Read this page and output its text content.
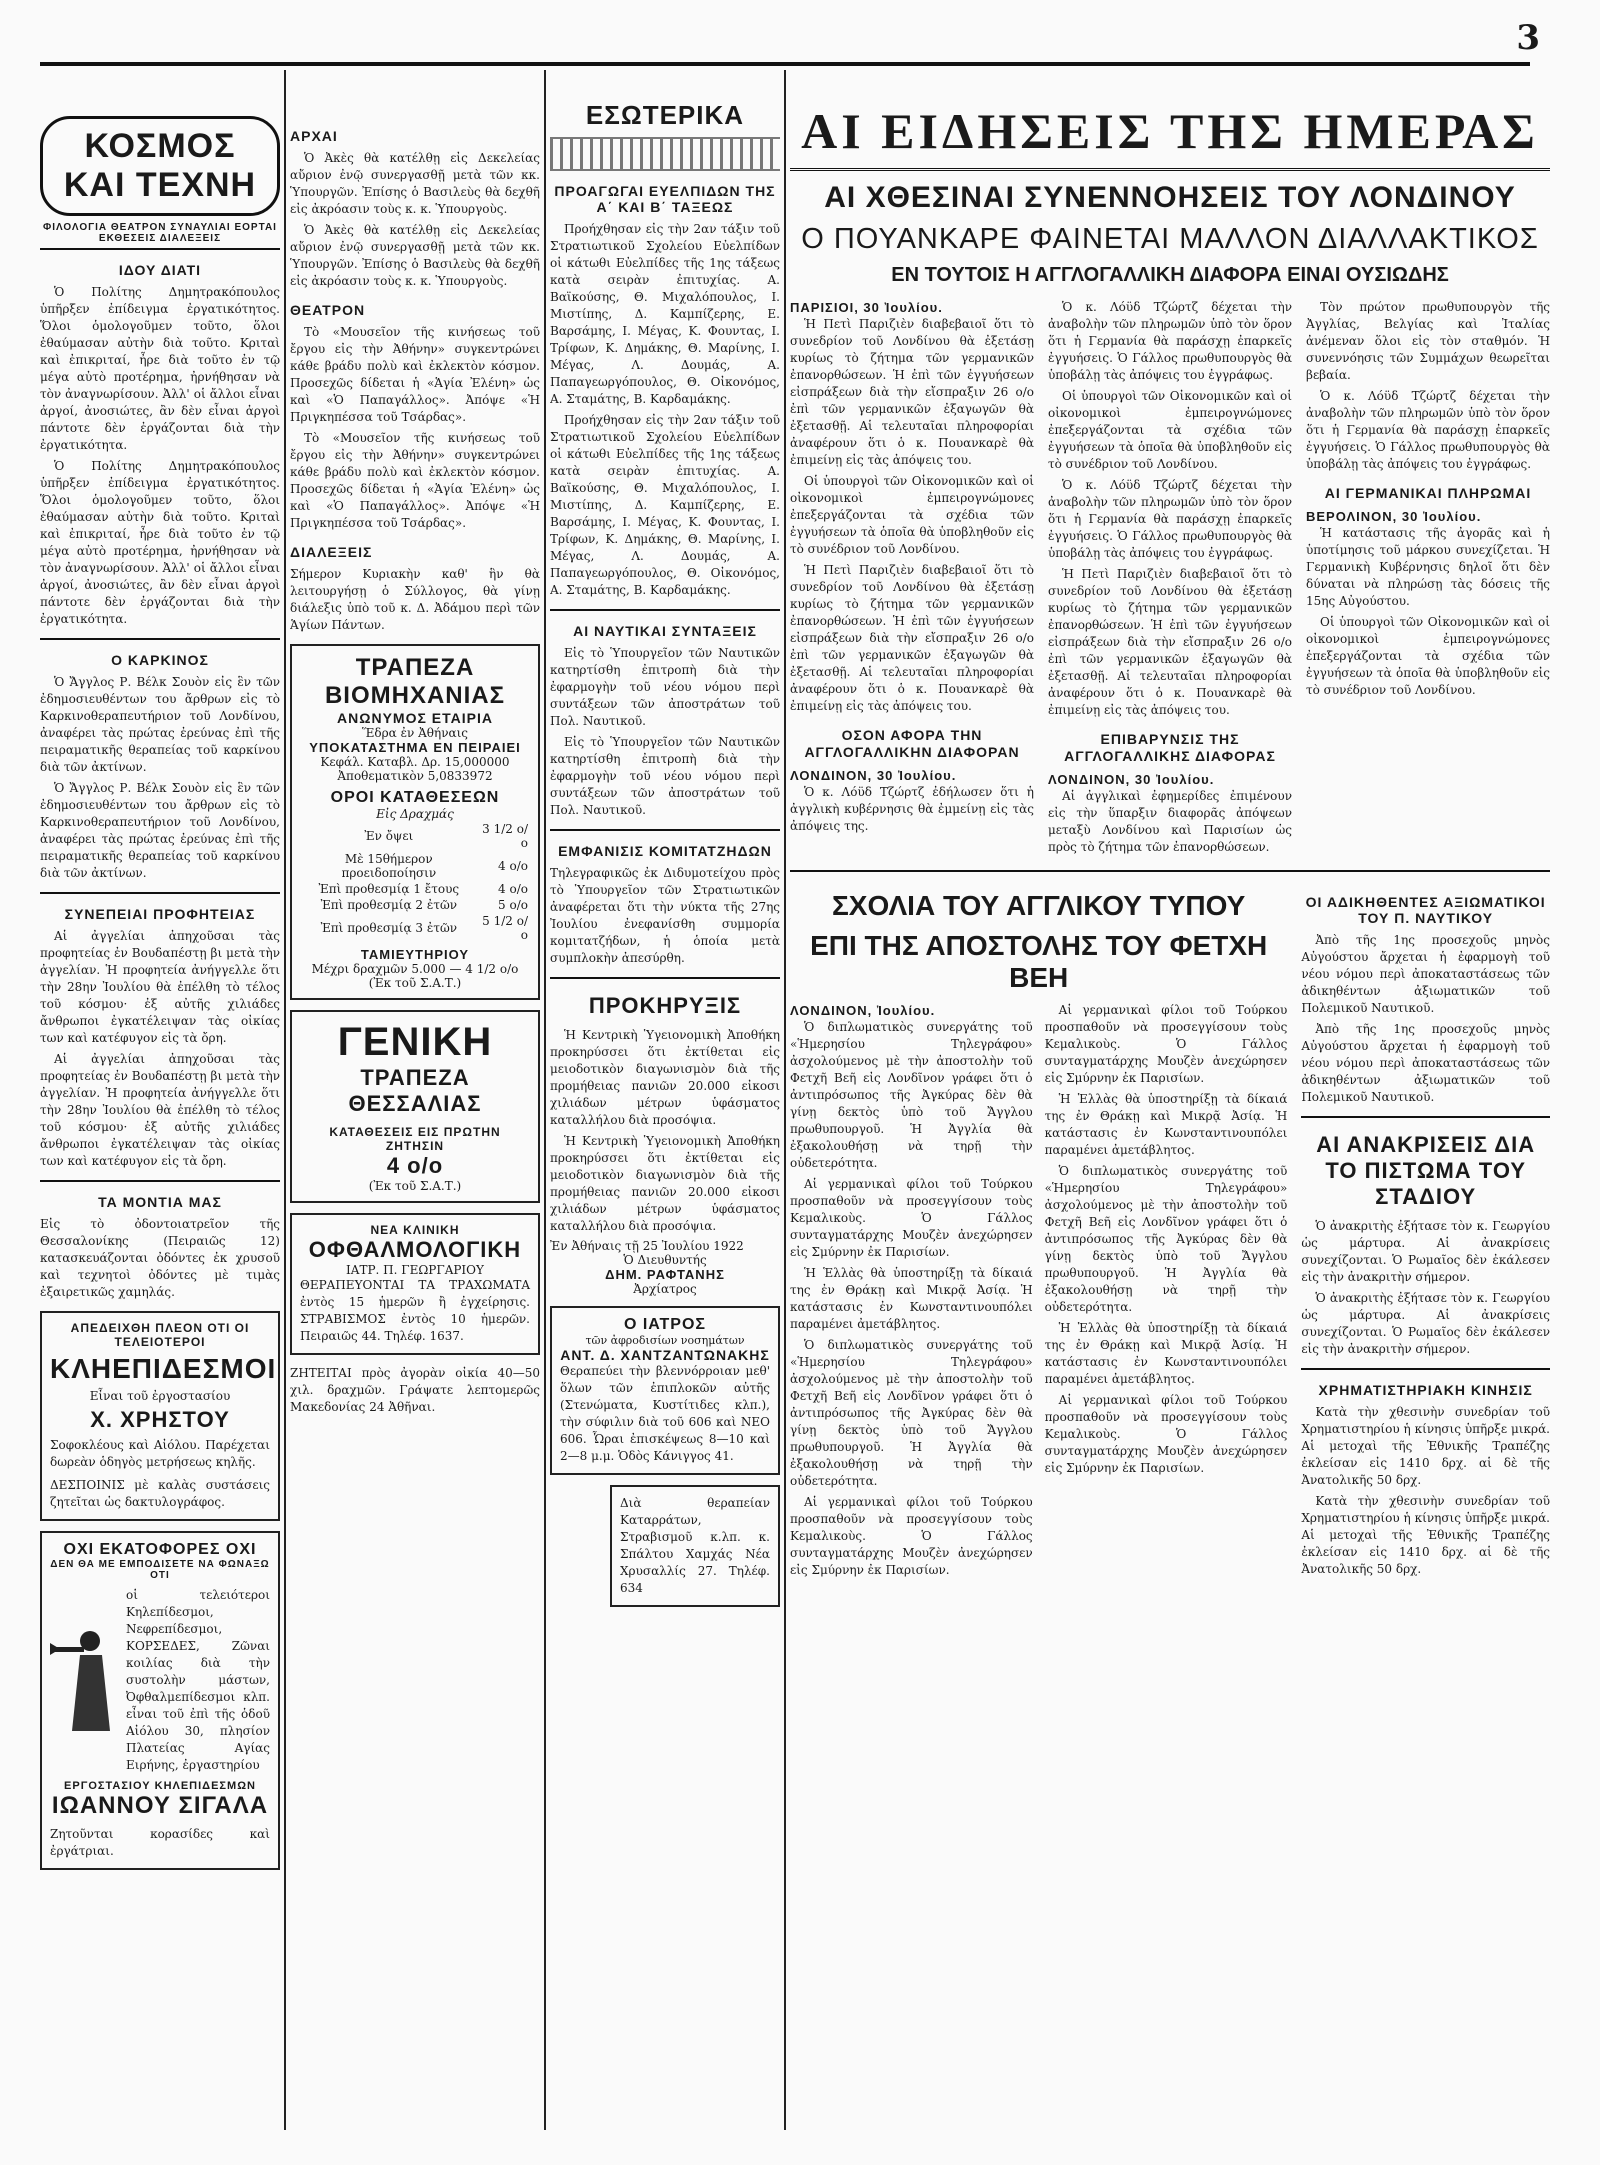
3
ΚΟΣΜΟΣ ΚΑΙ ΤΕΧΝΗ
ΦΙΛΟΛΟΓΙΑ ΘΕΑΤΡΟΝ ΣΥΝΑΥΛΙΑΙ ΕΟΡΤΑΙ ΕΚΘΕΣΕΙΣ ΔΙΑΛΕΞΕΙΣ
ΙΔΟΥ ΔΙΑΤΙ

Ὁ Πολίτης Δημητρακόπουλος ὑπῆρξεν ἐπίδειγμα ἐργατικότητος. Ὅλοι ὁμολογοῦμεν τοῦτο, ὅλοι ἐθαύμασαν αὐτὴν διὰ τοῦτο. Κριταὶ καὶ ἐπικριταί, ἦρε διὰ τοῦτο ἐν τῷ μέγα αὐτὸ προτέρημα, ἠρνήθησαν νὰ τὸν ἀναγνωρίσουν. Ἀλλ' οἱ ἄλλοι εἶναι ἀργοί, ἀνοσιώτες, ἂν δὲν εἶναι ἀργοὶ πάντοτε δὲν ἐργάζονται διὰ τὴν ἐργατικότητα.

Ὁ Πολίτης Δημητρακόπουλος ὑπῆρξεν ἐπίδειγμα ἐργατικότητος. Ὅλοι ὁμολογοῦμεν τοῦτο, ὅλοι ἐθαύμασαν αὐτὴν διὰ τοῦτο. Κριταὶ καὶ ἐπικριταί, ἦρε διὰ τοῦτο ἐν τῷ μέγα αὐτὸ προτέρημα, ἠρνήθησαν νὰ τὸν ἀναγνωρίσουν. Ἀλλ' οἱ ἄλλοι εἶναι ἀργοί, ἀνοσιώτες, ἂν δὲν εἶναι ἀργοὶ πάντοτε δὲν ἐργάζονται διὰ τὴν ἐργατικότητα.

Ο ΚΑΡΚΙΝΟΣ

Ὁ Ἄγγλος Ρ. Βέλκ Σουὸν εἰς ἓν τῶν ἐδημοσιευθέντων του ἄρθρων εἰς τὸ Καρκινοθεραπευτήριον τοῦ Λονδίνου, ἀναφέρει τὰς πρώτας ἐρεύνας ἐπὶ τῆς πειραματικῆς θεραπείας τοῦ καρκίνου διὰ τῶν ἀκτίνων.

Ὁ Ἄγγλος Ρ. Βέλκ Σουὸν εἰς ἓν τῶν ἐδημοσιευθέντων του ἄρθρων εἰς τὸ Καρκινοθεραπευτήριον τοῦ Λονδίνου, ἀναφέρει τὰς πρώτας ἐρεύνας ἐπὶ τῆς πειραματικῆς θεραπείας τοῦ καρκίνου διὰ τῶν ἀκτίνων.

ΣΥΝΕΠΕΙΑΙ ΠΡΟΦΗΤΕΙΑΣ

Αἱ ἀγγελίαι ἀπηχοῦσαι τὰς προφητείας ἐν Βουδαπέστῃ βι μετὰ τὴν ἀγγελίαν. Ἡ προφητεία ἀνήγγελλε ὅτι τὴν 28ην Ἰουλίου θὰ ἐπέλθη τὸ τέλος τοῦ κόσμου· ἐξ αὐτῆς χιλιάδες ἄνθρωποι ἐγκατέλειψαν τὰς οἰκίας των καὶ κατέφυγον εἰς τὰ ὄρη.

Αἱ ἀγγελίαι ἀπηχοῦσαι τὰς προφητείας ἐν Βουδαπέστῃ βι μετὰ τὴν ἀγγελίαν. Ἡ προφητεία ἀνήγγελλε ὅτι τὴν 28ην Ἰουλίου θὰ ἐπέλθη τὸ τέλος τοῦ κόσμου· ἐξ αὐτῆς χιλιάδες ἄνθρωποι ἐγκατέλειψαν τὰς οἰκίας των καὶ κατέφυγον εἰς τὰ ὄρη.

ΤΑ ΜΟΝΤΙΑ ΜΑΣ
Εἰς τὸ ὀδοντοιατρεῖον τῆς Θεσσαλονίκης (Πειραιῶς 12) κατασκευάζονται ὀδόντες ἐκ χρυσοῦ καὶ τεχνητοὶ ὀδόντες μὲ τιμὰς ἐξαιρετικῶς χαμηλάς.
ΑΠΕΔΕΙΧΘΗ ΠΛΕΟΝ ΟΤΙ ΟΙ ΤΕΛΕΙΟΤΕΡΟΙ
ΚΛΗΕΠΙΔΕΣΜΟΙ
Εἶναι τοῦ ἐργοστασίου
Χ. ΧΡΗΣΤΟΥ
Σοφοκλέους καὶ Αἰόλου. Παρέχεται δωρεὰν ὁδηγὸς μετρήσεως κηλῆς.
ΔΕΣΠΟΙΝΙΣ μὲ καλὰς συστάσεις ζητεῖται ὡς δακτυλογράφος.
ΟΧΙ ΕΚΑΤΟΦΟΡΕΣ ΟΧΙ
ΔΕΝ ΘΑ ΜΕ ΕΜΠΟΔΙΣΕΤΕ ΝΑ ΦΩΝΑΞΩ ΟΤΙ
οἱ τελειότεροι Κηλεπίδεσμοι, Νεφρεπίδεσμοι, ΚΟΡΣΕΔΕΣ, Ζῶναι κοιλίας διὰ τὴν συστολὴν μάστων, Ὀφθαλμεπίδεσμοι κλπ. εἶναι τοῦ ἐπὶ τῆς ὁδοῦ Αἰόλου 30, πλησίον Πλατείας Αγίας Ειρήνης, ἐργαστηρίου
ΕΡΓΟΣΤΑΣΙΟΥ ΚΗΛΕΠΙΔΕΣΜΩΝ
ΙΩΑΝΝΟΥ ΣΙΓΑΛΑ
Ζητοῦνται κορασίδες καὶ ἐργάτριαι.
ΑΡΧΑΙ

Ὁ Ἀκὲς θὰ κατέλθῃ εἰς Δεκελείας αὔριον ἐνῷ συνεργασθῇ μετὰ τῶν κκ. Ὑπουργῶν. Ἐπίσης ὁ Βασιλεὺς θὰ δεχθῆ εἰς ἀκρόασιν τοὺς κ. κ. Ὑπουργοὺς.

Ὁ Ἀκὲς θὰ κατέλθῃ εἰς Δεκελείας αὔριον ἐνῷ συνεργασθῇ μετὰ τῶν κκ. Ὑπουργῶν. Ἐπίσης ὁ Βασιλεὺς θὰ δεχθῆ εἰς ἀκρόασιν τοὺς κ. κ. Ὑπουργοὺς.

ΘΕΑΤΡΟΝ

Τὸ «Μουσεῖον τῆς κινήσεως τοῦ ἔργου εἰς τὴν Ἀθήνην» συγκεντρώνει κάθε βράδυ πολὺ καὶ ἐκλεκτὸν κόσμον. Προσεχῶς δίδεται ἡ «Ἁγία Ἐλένη» ὡς καὶ «Ὁ Παπαγάλλος». Ἀπόψε «Ἡ Πριγκηπέσσα τοῦ Τσάρδας».

Τὸ «Μουσεῖον τῆς κινήσεως τοῦ ἔργου εἰς τὴν Ἀθήνην» συγκεντρώνει κάθε βράδυ πολὺ καὶ ἐκλεκτὸν κόσμον. Προσεχῶς δίδεται ἡ «Ἁγία Ἐλένη» ὡς καὶ «Ὁ Παπαγάλλος». Ἀπόψε «Ἡ Πριγκηπέσσα τοῦ Τσάρδας».

ΔΙΑΛΕΞΕΙΣ
Σήμερον Κυριακὴν καθ' ἣν θὰ λειτουργήσῃ ὁ Σύλλογος, θὰ γίνῃ διάλεξις ὑπὸ τοῦ κ. Δ. Ἀδάμου περὶ τῶν Ἁγίων Πάντων.
ΤΡΑΠΕΖΑ ΒΙΟΜΗΧΑΝΙΑΣ
ΑΝΩΝΥΜΟΣ ΕΤΑΙΡΙΑ
Ἕδρα ἐν Ἀθήναις
ΥΠΟΚΑΤΑΣΤΗΜΑ ΕΝ ΠΕΙΡΑΙΕΙ
Κεφάλ. Καταβλ. Δρ. 15,000000
Ἀποθεματικὸν 5,0833972
ΟΡΟΙ ΚΑΤΑΘΕΣΕΩΝ
Εἰς Δραχμάς
Ἐν ὄψει	3 1/2 ο/ο
Μὲ 15θήμερον προειδοποίησιν	4 ο/ο
Ἐπὶ προθεσμίᾳ 1 ἔτους	4 ο/ο
Ἐπὶ προθεσμίᾳ 2 ἐτῶν	5 ο/ο
Ἐπὶ προθεσμίᾳ 3 ἐτῶν	5 1/2 ο/ο
ΤΑΜΙΕΥΤΗΡΙΟΥ
Μέχρι δραχμῶν 5.000 — 4 1/2 ο/ο
(Ἐκ τοῦ Σ.Α.Τ.)
ΓΕΝΙΚΗ
ΤΡΑΠΕΖΑ ΘΕΣΣΑΛΙΑΣ
ΚΑΤΑΘΕΣΕΙΣ ΕΙΣ ΠΡΩΤΗΝ ΖΗΤΗΣΙΝ
4 ο/ο
(Ἐκ τοῦ Σ.Α.Τ.)
ΝΕΑ ΚΛΙΝΙΚΗ
ΟΦΘΑΛΜΟΛΟΓΙΚΗ
ΙΑΤΡ. Π. ΓΕΩΡΓΑΡΙΟΥ
ΘΕΡΑΠΕΥΟΝΤΑΙ ΤΑ ΤΡΑΧΩΜΑΤΑ ἐντὸς 15 ἡμερῶν ἢ ἐγχείρησις. ΣΤΡΑΒΙΣΜΟΣ ἐντὸς 10 ἡμερῶν. Πειραιῶς 44. Τηλέφ. 1637.
ΖΗΤΕΙΤΑΙ πρὸς ἀγορὰν οἰκία 40—50 χιλ. δραχμῶν. Γράψατε λεπτομερῶς Μακεδονίας 24 Ἀθῆναι.
ΕΣΩΤΕΡΙΚΑ
ΠΡΟΑΓΩΓΑΙ ΕΥΕΛΠΙΔΩΝ ΤΗΣ Α΄ ΚΑΙ Β΄ ΤΑΞΕΩΣ

Προήχθησαν εἰς τὴν 2αν τάξιν τοῦ Στρατιωτικοῦ Σχολείου Εὐελπίδων οἱ κάτωθι Εὐελπίδες τῆς 1ης τάξεως κατὰ σειρὰν ἐπιτυχίας. Α. Βαϊκούσης, Θ. Μιχαλόπουλος, Ι. Μιστίπης, Δ. Καμπίζερης, Ε. Βαρσάμης, Ι. Μέγας, Κ. Φουντας, Ι. Τρίφων, Κ. Δημάκης, Θ. Μαρίνης, Ι. Μέγας, Λ. Δουμάς, Α. Παπαγεωργόπουλος, Θ. Οἰκονόμος, Α. Σταμάτης, Β. Καρδαμάκης.

Προήχθησαν εἰς τὴν 2αν τάξιν τοῦ Στρατιωτικοῦ Σχολείου Εὐελπίδων οἱ κάτωθι Εὐελπίδες τῆς 1ης τάξεως κατὰ σειρὰν ἐπιτυχίας. Α. Βαϊκούσης, Θ. Μιχαλόπουλος, Ι. Μιστίπης, Δ. Καμπίζερης, Ε. Βαρσάμης, Ι. Μέγας, Κ. Φουντας, Ι. Τρίφων, Κ. Δημάκης, Θ. Μαρίνης, Ι. Μέγας, Λ. Δουμάς, Α. Παπαγεωργόπουλος, Θ. Οἰκονόμος, Α. Σταμάτης, Β. Καρδαμάκης.

ΑΙ ΝΑΥΤΙΚΑΙ ΣΥΝΤΑΞΕΙΣ

Εἰς τὸ Ὑπουργεῖον τῶν Ναυτικῶν κατηρτίσθη ἐπιτροπὴ διὰ τὴν ἐφαρμογὴν τοῦ νέου νόμου περὶ συντάξεων τῶν ἀποστράτων τοῦ Πολ. Ναυτικοῦ.

Εἰς τὸ Ὑπουργεῖον τῶν Ναυτικῶν κατηρτίσθη ἐπιτροπὴ διὰ τὴν ἐφαρμογὴν τοῦ νέου νόμου περὶ συντάξεων τῶν ἀποστράτων τοῦ Πολ. Ναυτικοῦ.

ΕΜΦΑΝΙΣΙΣ ΚΟΜΙΤΑΤΖΗΔΩΝ
Τηλεγραφικῶς ἐκ Διδυμοτείχου πρὸς τὸ Ὑπουργεῖον τῶν Στρατιωτικῶν ἀναφέρεται ὅτι τὴν νύκτα τῆς 27ης Ἰουλίου ἐνεφανίσθη συμμορία κομιτατζήδων, ἡ ὁποία μετὰ συμπλοκὴν ἀπεσύρθη.
ΠΡΟΚΗΡΥΞΙΣ

Ἡ Κεντρικὴ Ὑγειονομικὴ Ἀποθήκη προκηρύσσει ὅτι ἐκτίθεται εἰς μειοδοτικὸν διαγωνισμὸν διὰ τῆς προμήθειας πανιῶν 20.000 εἰκοσι χιλιάδων μέτρων ὑφάσματος καταλλήλου διὰ προσόψια.

Ἡ Κεντρικὴ Ὑγειονομικὴ Ἀποθήκη προκηρύσσει ὅτι ἐκτίθεται εἰς μειοδοτικὸν διαγωνισμὸν διὰ τῆς προμήθειας πανιῶν 20.000 εἰκοσι χιλιάδων μέτρων ὑφάσματος καταλλήλου διὰ προσόψια.

Ἐν Ἀθήναις τῇ 25 Ἰουλίου 1922
Ὁ Διευθυντής
ΔΗΜ. ΡΑΦΤΑΝΗΣ
Ἀρχίατρος
Ο ΙΑΤΡΟΣ
τῶν ἀφροδισίων νοσημάτων
ΑΝΤ. Δ. ΧΑΝΤΖΑΝΤΩΝΑΚΗΣ
Θεραπεύει τὴν βλεννόρροιαν μεθ' ὅλων τῶν ἐπιπλοκῶν αὐτῆς (Στενώματα, Κυστίτιδες κλπ.), τὴν σύφιλιν διὰ τοῦ 606 καὶ NEO 606. Ὧραι ἐπισκέψεως 8—10 καὶ 2—8 μ.μ. Ὁδὸς Κάνιγγος 41.
Διὰ θεραπείαν Καταρράτων, Στραβισμοῦ κ.λπ. κ. Σπάλτου Χαμχάς Νέα Χρυσαλλίς 27. Τηλέφ. 634
ΑΙ ΕΙΔΗΣΕΙΣ ΤΗΣ ΗΜΕΡΑΣ
ΑΙ ΧΘΕΣΙΝΑΙ ΣΥΝΕΝΝΟΗΣΕΙΣ ΤΟΥ ΛΟΝΔΙΝΟΥ
Ο ΠΟΥΑΝΚΑΡΕ ΦΑΙΝΕΤΑΙ ΜΑΛΛΟΝ ΔΙΑΛΛΑΚΤΙΚΟΣ
ΕΝ ΤΟΥΤΟΙΣ Η ΑΓΓΛΟΓΑΛΛΙΚΗ ΔΙΑΦΟΡΑ ΕΙΝΑΙ ΟΥΣΙΩΔΗΣ
ΠΑΡΙΣΙΟΙ, 30 Ἰουλίου.

Ἡ Πετὶ Παριζιὲν διαβεβαιοῖ ὅτι τὸ συνεδρίον τοῦ Λονδίνου θὰ ἐξετάσῃ κυρίως τὸ ζήτημα τῶν γερμανικῶν ἐπανορθώσεων. Ἡ ἐπὶ τῶν ἐγγυήσεων εἰσπράξεων διὰ τὴν εἴσπραξιν 26 ο/ο ἐπὶ τῶν γερμανικῶν ἐξαγωγῶν θὰ ἐξετασθῇ. Αἱ τελευταῖαι πληροφορίαι ἀναφέρουν ὅτι ὁ κ. Πουανκαρὲ θὰ ἐπιμείνῃ εἰς τὰς ἀπόψεις του.

Οἱ ὑπουργοὶ τῶν Οἰκονομικῶν καὶ οἱ οἰκονομικοὶ ἐμπειρογνώμονες ἐπεξεργάζονται τὰ σχέδια τῶν ἐγγυήσεων τὰ ὁποῖα θὰ ὑποβληθοῦν εἰς τὸ συνέδριον τοῦ Λονδίνου.

Ἡ Πετὶ Παριζιὲν διαβεβαιοῖ ὅτι τὸ συνεδρίον τοῦ Λονδίνου θὰ ἐξετάσῃ κυρίως τὸ ζήτημα τῶν γερμανικῶν ἐπανορθώσεων. Ἡ ἐπὶ τῶν ἐγγυήσεων εἰσπράξεων διὰ τὴν εἴσπραξιν 26 ο/ο ἐπὶ τῶν γερμανικῶν ἐξαγωγῶν θὰ ἐξετασθῇ. Αἱ τελευταῖαι πληροφορίαι ἀναφέρουν ὅτι ὁ κ. Πουανκαρὲ θὰ ἐπιμείνῃ εἰς τὰς ἀπόψεις του.

ΟΣΟΝ ΑΦΟΡΑ ΤΗΝ ΑΓΓΛΟΓΑΛΛΙΚΗΝ ΔΙΑΦΟΡΑΝ
ΛΟΝΔΙΝΟΝ, 30 Ἰουλίου.

Ὁ κ. Λόϋδ Τζώρτζ ἐδήλωσεν ὅτι ἡ ἀγγλικὴ κυβέρνησις θὰ ἐμμείνῃ εἰς τὰς ἀπόψεις της.

Ὁ κ. Λόϋδ Τζώρτζ δέχεται τὴν ἀναβολὴν τῶν πληρωμῶν ὑπὸ τὸν ὅρον ὅτι ἡ Γερμανία θὰ παράσχῃ ἐπαρκεῖς ἐγγυήσεις. Ὁ Γάλλος πρωθυπουργὸς θὰ ὑποβάλῃ τὰς ἀπόψεις του ἐγγράφως.

Οἱ ὑπουργοὶ τῶν Οἰκονομικῶν καὶ οἱ οἰκονομικοὶ ἐμπειρογνώμονες ἐπεξεργάζονται τὰ σχέδια τῶν ἐγγυήσεων τὰ ὁποῖα θὰ ὑποβληθοῦν εἰς τὸ συνέδριον τοῦ Λονδίνου.

Ὁ κ. Λόϋδ Τζώρτζ δέχεται τὴν ἀναβολὴν τῶν πληρωμῶν ὑπὸ τὸν ὅρον ὅτι ἡ Γερμανία θὰ παράσχῃ ἐπαρκεῖς ἐγγυήσεις. Ὁ Γάλλος πρωθυπουργὸς θὰ ὑποβάλῃ τὰς ἀπόψεις του ἐγγράφως.

Ἡ Πετὶ Παριζιὲν διαβεβαιοῖ ὅτι τὸ συνεδρίον τοῦ Λονδίνου θὰ ἐξετάσῃ κυρίως τὸ ζήτημα τῶν γερμανικῶν ἐπανορθώσεων. Ἡ ἐπὶ τῶν ἐγγυήσεων εἰσπράξεων διὰ τὴν εἴσπραξιν 26 ο/ο ἐπὶ τῶν γερμανικῶν ἐξαγωγῶν θὰ ἐξετασθῇ. Αἱ τελευταῖαι πληροφορίαι ἀναφέρουν ὅτι ὁ κ. Πουανκαρὲ θὰ ἐπιμείνῃ εἰς τὰς ἀπόψεις του.

ΕΠΙΒΑΡΥΝΣΙΣ ΤΗΣ ΑΓΓΛΟΓΑΛΛΙΚΗΣ ΔΙΑΦΟΡΑΣ
ΛΟΝΔΙΝΟΝ, 30 Ἰουλίου.

Αἱ ἀγγλικαὶ ἐφημερίδες ἐπιμένουν εἰς τὴν ὕπαρξιν διαφορᾶς ἀπόψεων μεταξὺ Λονδίνου καὶ Παρισίων ὡς πρὸς τὸ ζήτημα τῶν ἐπανορθώσεων.

Τὸν πρώτον πρωθυπουργὸν τῆς Ἀγγλίας, Βελγίας καὶ Ἰταλίας ἀνέμεναν ὅλοι εἰς τὸν σταθμόν. Ἡ συνεννόησις τῶν Συμμάχων θεωρεῖται βεβαία.

Ὁ κ. Λόϋδ Τζώρτζ δέχεται τὴν ἀναβολὴν τῶν πληρωμῶν ὑπὸ τὸν ὅρον ὅτι ἡ Γερμανία θὰ παράσχῃ ἐπαρκεῖς ἐγγυήσεις. Ὁ Γάλλος πρωθυπουργὸς θὰ ὑποβάλῃ τὰς ἀπόψεις του ἐγγράφως.

ΑΙ ΓΕΡΜΑΝΙΚΑΙ ΠΛΗΡΩΜΑΙ
ΒΕΡΟΛΙΝΟΝ, 30 Ἰουλίου.

Ἡ κατάστασις τῆς ἀγορᾶς καὶ ἡ ὑποτίμησις τοῦ μάρκου συνεχίζεται. Ἡ Γερμανικὴ Κυβέρνησις δηλοῖ ὅτι δὲν δύναται νὰ πληρώσῃ τὰς δόσεις τῆς 15ης Αὐγούστου.

Οἱ ὑπουργοὶ τῶν Οἰκονομικῶν καὶ οἱ οἰκονομικοὶ ἐμπειρογνώμονες ἐπεξεργάζονται τὰ σχέδια τῶν ἐγγυήσεων τὰ ὁποῖα θὰ ὑποβληθοῦν εἰς τὸ συνέδριον τοῦ Λονδίνου.

ΣΧΟΛΙΑ ΤΟΥ ΑΓΓΛΙΚΟΥ ΤΥΠΟΥ
ΕΠΙ ΤΗΣ ΑΠΟΣΤΟΛΗΣ ΤΟΥ ΦΕΤΧΗ ΒΕΗ
ΛΟΝΔΙΝΟΝ, Ἰουλίου.

Ὁ διπλωματικὸς συνεργάτης τοῦ «Ἡμερησίου Τηλεγράφου» ἀσχολούμενος μὲ τὴν ἀποστολὴν τοῦ Φετχῆ Βεῆ εἰς Λονδῖνον γράφει ὅτι ὁ ἀντιπρόσωπος τῆς Ἀγκύρας δὲν θὰ γίνῃ δεκτὸς ὑπὸ τοῦ Ἄγγλου πρωθυπουργοῦ. Ἡ Ἀγγλία θὰ ἐξακολουθήσῃ νὰ τηρῇ τὴν οὐδετερότητα.

Αἱ γερμανικαὶ φίλοι τοῦ Τούρκου προσπαθοῦν νὰ προσεγγίσουν τοὺς Κεμαλικοὺς. Ὁ Γάλλος συνταγματάρχης Μουζὲν ἀνεχώρησεν εἰς Σμύρνην ἐκ Παρισίων.

Ἡ Ἑλλὰς θὰ ὑποστηρίξῃ τὰ δίκαιά της ἐν Θράκῃ καὶ Μικρᾷ Ἀσίᾳ. Ἡ κατάστασις ἐν Κωνσταντινουπόλει παραμένει ἀμετάβλητος.

Ὁ διπλωματικὸς συνεργάτης τοῦ «Ἡμερησίου Τηλεγράφου» ἀσχολούμενος μὲ τὴν ἀποστολὴν τοῦ Φετχῆ Βεῆ εἰς Λονδῖνον γράφει ὅτι ὁ ἀντιπρόσωπος τῆς Ἀγκύρας δὲν θὰ γίνῃ δεκτὸς ὑπὸ τοῦ Ἄγγλου πρωθυπουργοῦ. Ἡ Ἀγγλία θὰ ἐξακολουθήσῃ νὰ τηρῇ τὴν οὐδετερότητα.

Αἱ γερμανικαὶ φίλοι τοῦ Τούρκου προσπαθοῦν νὰ προσεγγίσουν τοὺς Κεμαλικοὺς. Ὁ Γάλλος συνταγματάρχης Μουζὲν ἀνεχώρησεν εἰς Σμύρνην ἐκ Παρισίων.

Αἱ γερμανικαὶ φίλοι τοῦ Τούρκου προσπαθοῦν νὰ προσεγγίσουν τοὺς Κεμαλικοὺς. Ὁ Γάλλος συνταγματάρχης Μουζὲν ἀνεχώρησεν εἰς Σμύρνην ἐκ Παρισίων.

Ἡ Ἑλλὰς θὰ ὑποστηρίξῃ τὰ δίκαιά της ἐν Θράκῃ καὶ Μικρᾷ Ἀσίᾳ. Ἡ κατάστασις ἐν Κωνσταντινουπόλει παραμένει ἀμετάβλητος.

Ὁ διπλωματικὸς συνεργάτης τοῦ «Ἡμερησίου Τηλεγράφου» ἀσχολούμενος μὲ τὴν ἀποστολὴν τοῦ Φετχῆ Βεῆ εἰς Λονδῖνον γράφει ὅτι ὁ ἀντιπρόσωπος τῆς Ἀγκύρας δὲν θὰ γίνῃ δεκτὸς ὑπὸ τοῦ Ἄγγλου πρωθυπουργοῦ. Ἡ Ἀγγλία θὰ ἐξακολουθήσῃ νὰ τηρῇ τὴν οὐδετερότητα.

Ἡ Ἑλλὰς θὰ ὑποστηρίξῃ τὰ δίκαιά της ἐν Θράκῃ καὶ Μικρᾷ Ἀσίᾳ. Ἡ κατάστασις ἐν Κωνσταντινουπόλει παραμένει ἀμετάβλητος.

Αἱ γερμανικαὶ φίλοι τοῦ Τούρκου προσπαθοῦν νὰ προσεγγίσουν τοὺς Κεμαλικοὺς. Ὁ Γάλλος συνταγματάρχης Μουζὲν ἀνεχώρησεν εἰς Σμύρνην ἐκ Παρισίων.

ΟΙ ΑΔΙΚΗΘΕΝΤΕΣ ΑΞΙΩΜΑΤΙΚΟΙ ΤΟΥ Π. ΝΑΥΤΙΚΟΥ

Ἀπὸ τῆς 1ης προσεχοῦς μηνὸς Αὐγούστου ἄρχεται ἡ ἐφαρμογὴ τοῦ νέου νόμου περὶ ἀποκαταστάσεως τῶν ἀδικηθέντων ἀξιωματικῶν τοῦ Πολεμικοῦ Ναυτικοῦ.

Ἀπὸ τῆς 1ης προσεχοῦς μηνὸς Αὐγούστου ἄρχεται ἡ ἐφαρμογὴ τοῦ νέου νόμου περὶ ἀποκαταστάσεως τῶν ἀδικηθέντων ἀξιωματικῶν τοῦ Πολεμικοῦ Ναυτικοῦ.

ΑΙ ΑΝΑΚΡΙΣΕΙΣ ΔΙΑ ΤΟ ΠΙΣΤΩΜΑ ΤΟΥ ΣΤΑΔΙΟΥ

Ὁ ἀνακριτὴς ἐξήτασε τὸν κ. Γεωργίου ὡς μάρτυρα. Αἱ ἀνακρίσεις συνεχίζονται. Ὁ Ρωμαῖος δὲν ἐκάλεσεν εἰς τὴν ἀνακριτὴν σήμερον.

Ὁ ἀνακριτὴς ἐξήτασε τὸν κ. Γεωργίου ὡς μάρτυρα. Αἱ ἀνακρίσεις συνεχίζονται. Ὁ Ρωμαῖος δὲν ἐκάλεσεν εἰς τὴν ἀνακριτὴν σήμερον.

ΧΡΗΜΑΤΙΣΤΗΡΙΑΚΗ ΚΙΝΗΣΙΣ

Κατὰ τὴν χθεσινὴν συνεδρίαν τοῦ Χρηματιστηρίου ἡ κίνησις ὑπῆρξε μικρά. Αἱ μετοχαὶ τῆς Ἐθνικῆς Τραπέζης ἐκλείσαν εἰς 1410 δρχ. αἱ δὲ τῆς Ἀνατολικῆς 50 δρχ.

Κατὰ τὴν χθεσινὴν συνεδρίαν τοῦ Χρηματιστηρίου ἡ κίνησις ὑπῆρξε μικρά. Αἱ μετοχαὶ τῆς Ἐθνικῆς Τραπέζης ἐκλείσαν εἰς 1410 δρχ. αἱ δὲ τῆς Ἀνατολικῆς 50 δρχ.
